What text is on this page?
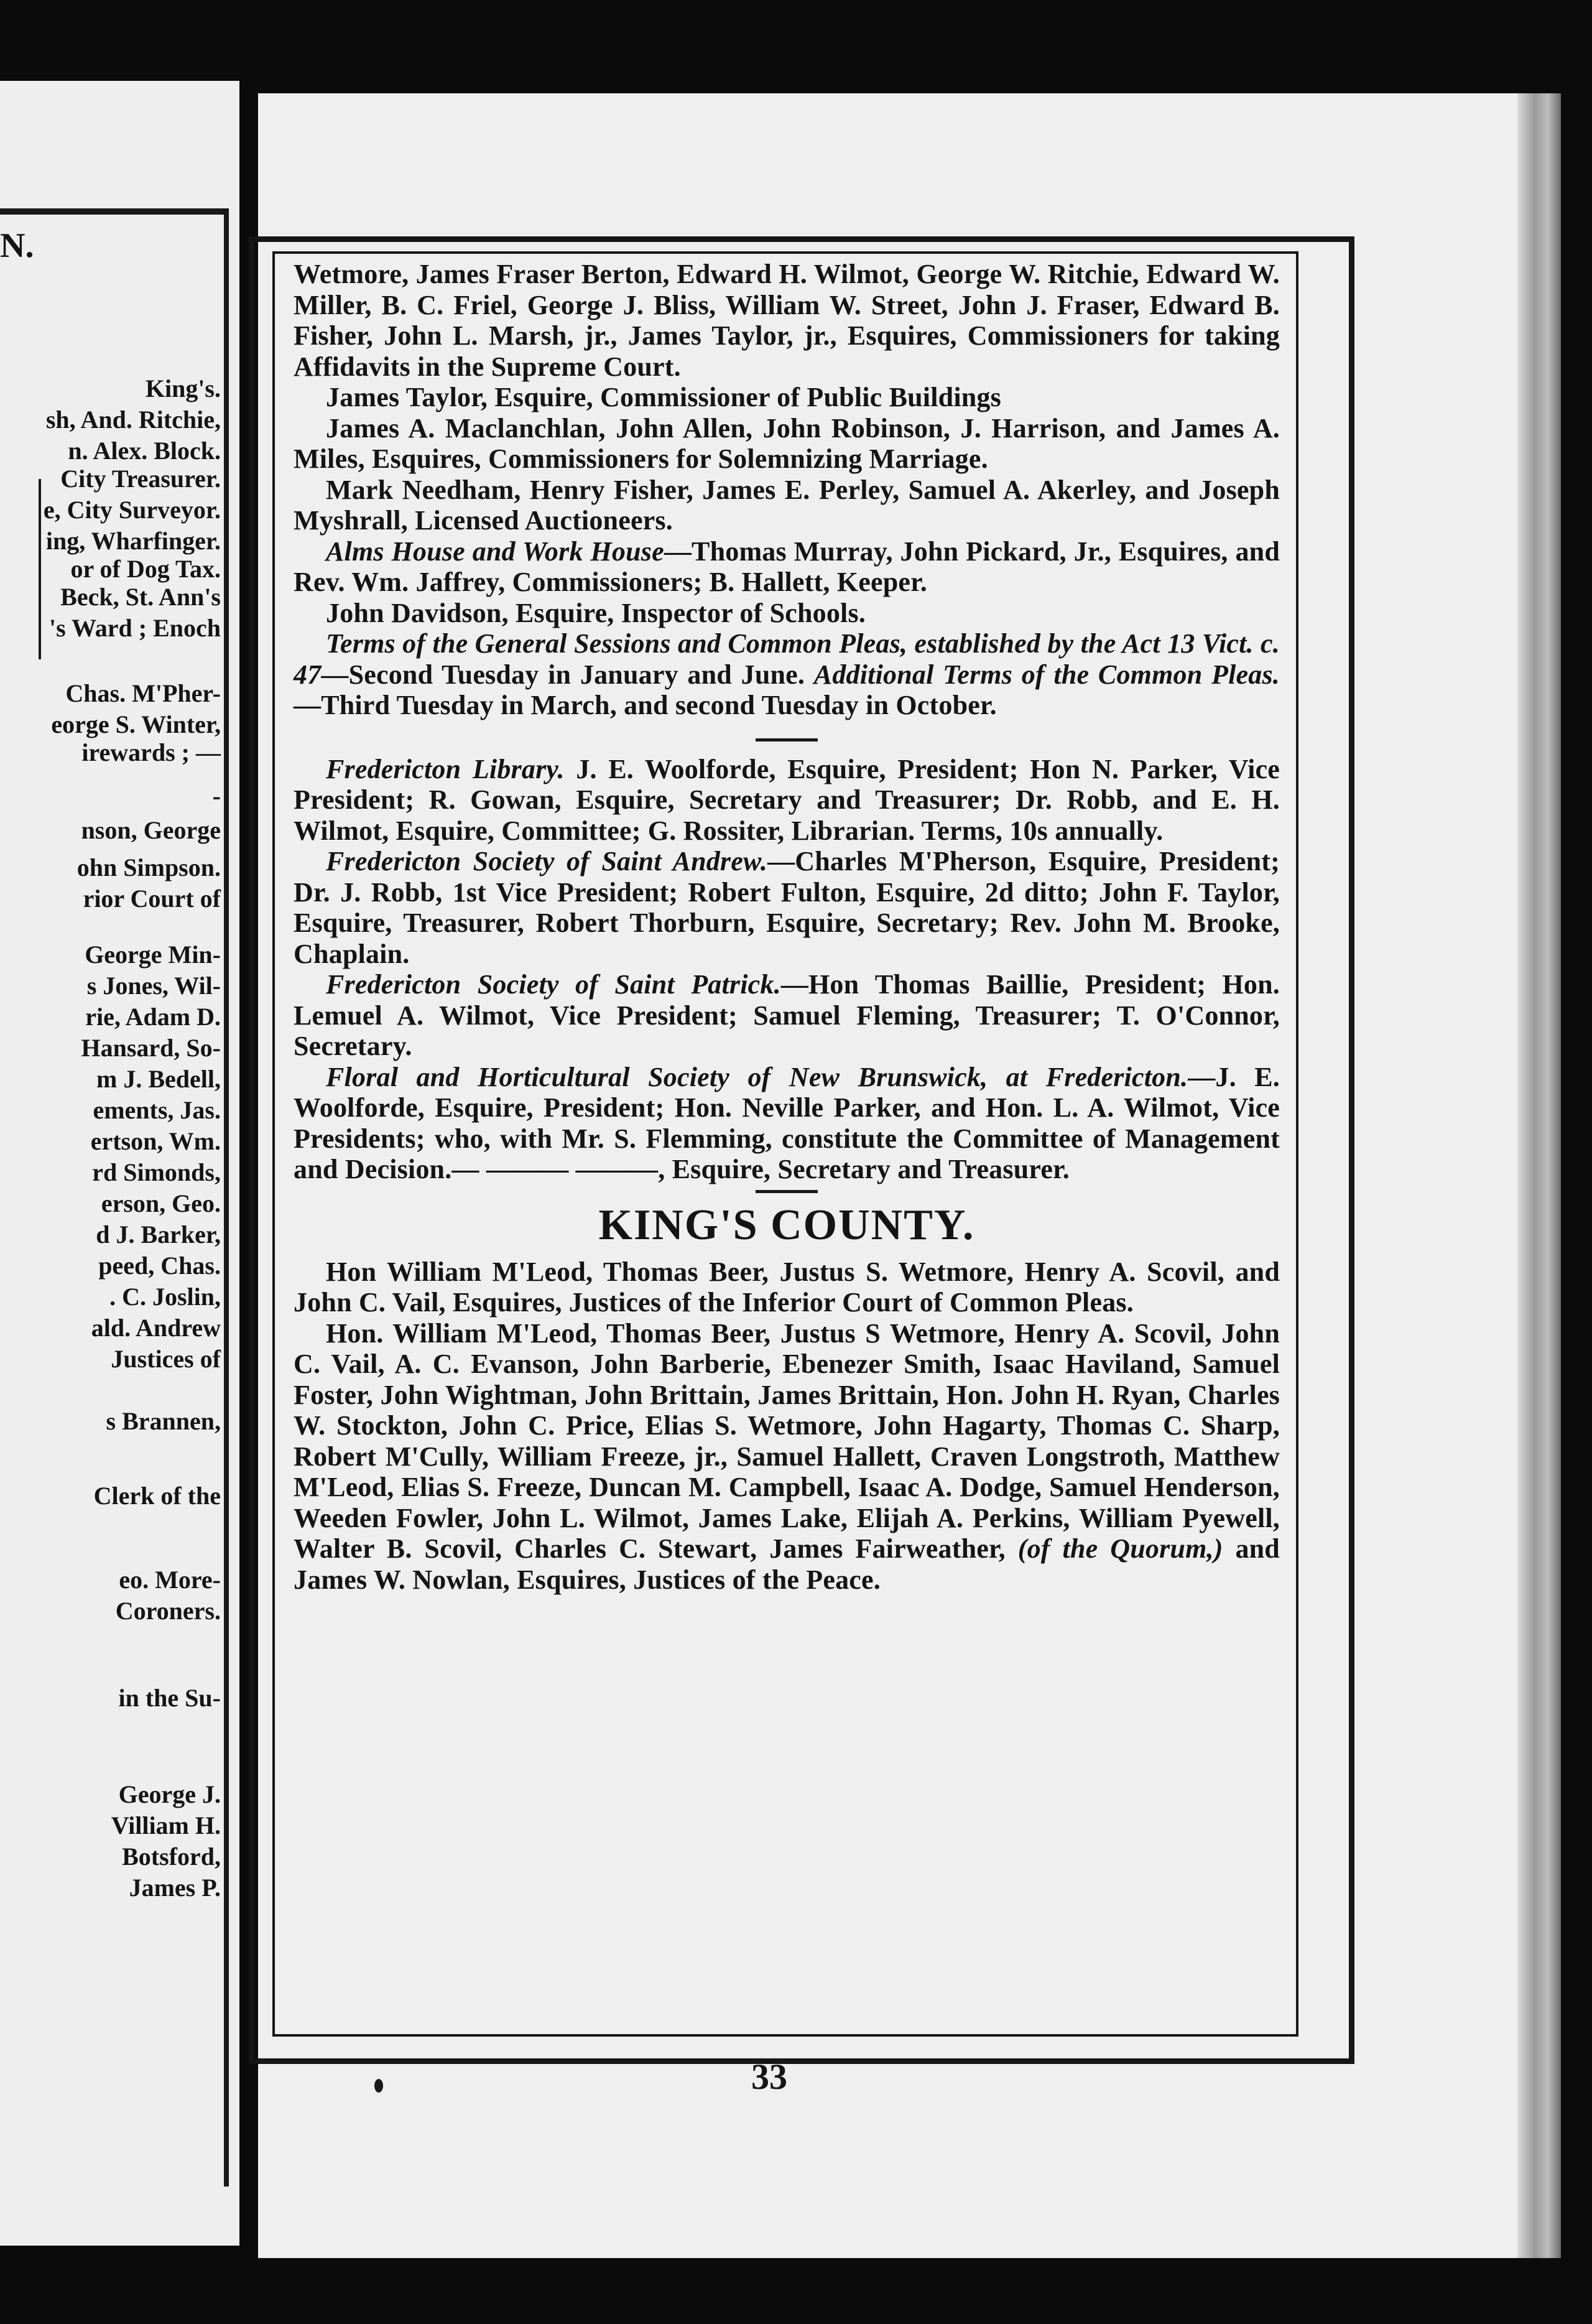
N.
King's.
sh, And. Ritchie,
n. Alex. Block.
City Treasurer.
e, City Surveyor.
ing, Wharfinger.
or of Dog Tax.
Beck, St. Ann's
's Ward ; Enoch
Chas. M'Pher-
eorge S. Winter,
irewards ; —
-
nson, George
ohn Simpson.
rior Court of
George Min-
s Jones, Wil-
rie, Adam D.
Hansard, So-
m J. Bedell,
ements, Jas.
ertson, Wm.
rd Simonds,
erson, Geo.
d J. Barker,
peed, Chas.
. C. Joslin,
ald. Andrew
Justices of
s Brannen,
Clerk of the
eo. More-
Coroners.
in the Su-
George J.
Villiam H.
Botsford,
James P.

Wetmore, James Fraser Berton, Edward H. Wilmot, George W. Ritchie, Edward W. Miller, B. C. Friel, George J. Bliss, William W. Street, John J. Fraser, Edward B. Fisher, John L. Marsh, jr., James Taylor, jr., Esquires, Commissioners for taking Affidavits in the Supreme Court.

James Taylor, Esquire, Commissioner of Public Buildings

James A. Maclanchlan, John Allen, John Robinson, J. Harrison, and James A. Miles, Esquires, Commissioners for Solemnizing Marriage.

Mark Needham, Henry Fisher, James E. Perley, Samuel A. Akerley, and Joseph Myshrall, Licensed Auctioneers.

Alms House and Work House—Thomas Murray, John Pickard, Jr., Esquires, and Rev. Wm. Jaffrey, Commissioners; B. Hallett, Keeper.

John Davidson, Esquire, Inspector of Schools.

Terms of the General Sessions and Common Pleas, established by the Act 13 Vict. c. 47—Second Tuesday in January and June. Additional Terms of the Common Pleas.—Third Tuesday in March, and second Tuesday in October.

Fredericton Library. J. E. Woolforde, Esquire, President; Hon N. Parker, Vice President; R. Gowan, Esquire, Secretary and Treasurer; Dr. Robb, and E. H. Wilmot, Esquire, Committee; G. Rossiter, Librarian. Terms, 10s annually.

Fredericton Society of Saint Andrew.—Charles M'Pherson, Esquire, President; Dr. J. Robb, 1st Vice President; Robert Fulton, Esquire, 2d ditto; John F. Taylor, Esquire, Treasurer, Robert Thorburn, Esquire, Secretary; Rev. John M. Brooke, Chaplain.

Fredericton Society of Saint Patrick.—Hon Thomas Baillie, President; Hon. Lemuel A. Wilmot, Vice President; Samuel Fleming, Treasurer; T. O'Connor, Secretary.

Floral and Horticultural Society of New Brunswick, at Fredericton.—J. E. Woolforde, Esquire, President; Hon. Neville Parker, and Hon. L. A. Wilmot, Vice Presidents; who, with Mr. S. Flemming, constitute the Committee of Management and Decision.— ——— ———, Esquire, Secretary and Treasurer.

KING'S COUNTY.

Hon William M'Leod, Thomas Beer, Justus S. Wetmore, Henry A. Scovil, and John C. Vail, Esquires, Justices of the Inferior Court of Common Pleas.

Hon. William M'Leod, Thomas Beer, Justus S Wetmore, Henry A. Scovil, John C. Vail, A. C. Evanson, John Barberie, Ebenezer Smith, Isaac Haviland, Samuel Foster, John Wightman, John Brittain, James Brittain, Hon. John H. Ryan, Charles W. Stockton, John C. Price, Elias S. Wetmore, John Hagarty, Thomas C. Sharp, Robert M'Cully, William Freeze, jr., Samuel Hallett, Craven Longstroth, Matthew M'Leod, Elias S. Freeze, Duncan M. Campbell, Isaac A. Dodge, Samuel Henderson, Weeden Fowler, John L. Wilmot, James Lake, Elijah A. Perkins, William Pyewell, Walter B. Scovil, Charles C. Stewart, James Fairweather, (of the Quorum,) and James W. Nowlan, Esquires, Justices of the Peace.

33
